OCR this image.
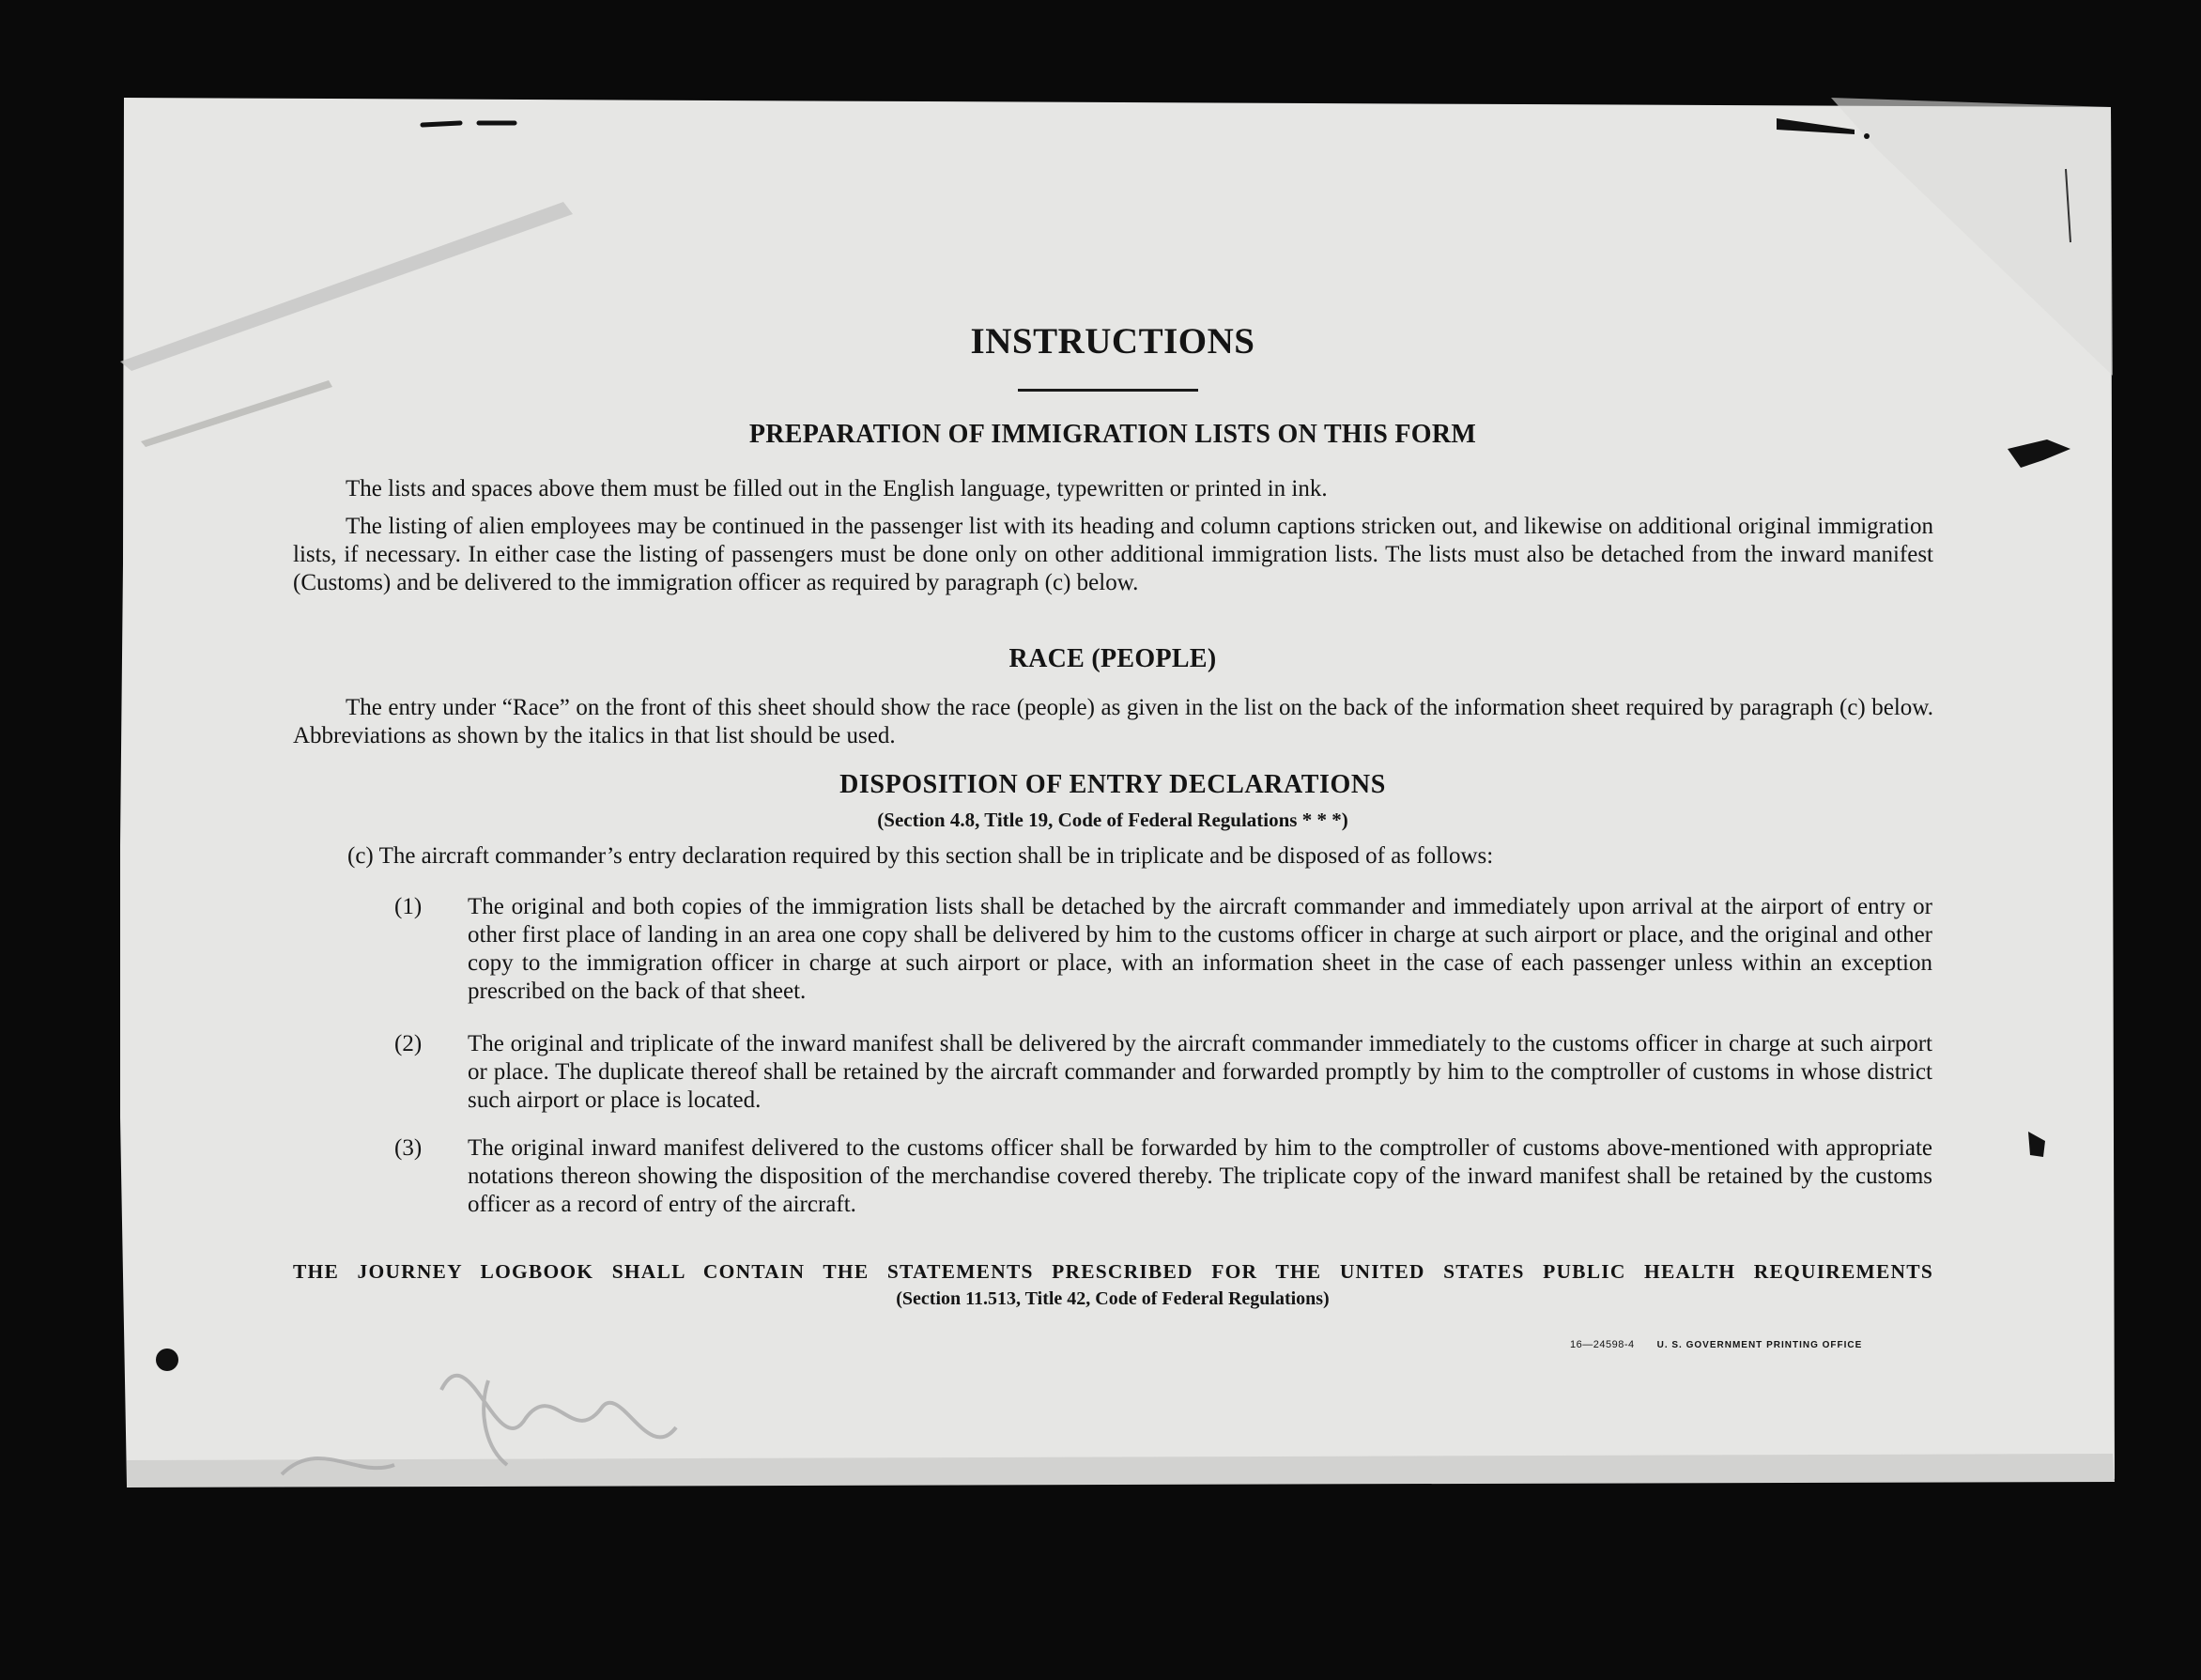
INSTRUCTIONS
PREPARATION OF IMMIGRATION LISTS ON THIS FORM

The lists and spaces above them must be filled out in the English language, typewritten or printed in ink.

The listing of alien employees may be continued in the passenger list with its heading and column captions stricken out, and likewise on additional original immigration lists, if necessary. In either case the listing of passengers must be done only on other additional immigration lists. The lists must also be detached from the inward manifest (Customs) and be delivered to the immigration officer as required by paragraph (c) below.

RACE (PEOPLE)

The entry under “Race” on the front of this sheet should show the race (people) as given in the list on the back of the information sheet required by paragraph (c) below. Abbreviations as shown by the italics in that list should be used.

DISPOSITION OF ENTRY DECLARATIONS
(Section 4.8, Title 19, Code of Federal Regulations * * *)

(c) The aircraft commander’s entry declaration required by this section shall be in triplicate and be disposed of as follows:

(1) The original and both copies of the immigration lists shall be detached by the aircraft commander and immediately upon arrival at the airport of entry or other first place of landing in an area one copy shall be delivered by him to the customs officer in charge at such airport or place, and the original and other copy to the immigration officer in charge at such airport or place, with an information sheet in the case of each passenger unless within an exception prescribed on the back of that sheet.

(2) The original and triplicate of the inward manifest shall be delivered by the aircraft commander immediately to the customs officer in charge at such airport or place. The duplicate thereof shall be retained by the aircraft commander and forwarded promptly by him to the comptroller of customs in whose district such airport or place is located.

(3) The original inward manifest delivered to the customs officer shall be forwarded by him to the comptroller of customs above-mentioned with appropriate notations thereon showing the disposition of the merchandise covered thereby. The triplicate copy of the inward manifest shall be retained by the customs officer as a record of entry of the aircraft.

THE JOURNEY LOGBOOK SHALL CONTAIN THE STATEMENTS PRESCRIBED FOR THE UNITED STATES PUBLIC HEALTH REQUIREMENTS

(Section 11.513, Title 42, Code of Federal Regulations)
16—24598-4 U. S. GOVERNMENT PRINTING OFFICE
